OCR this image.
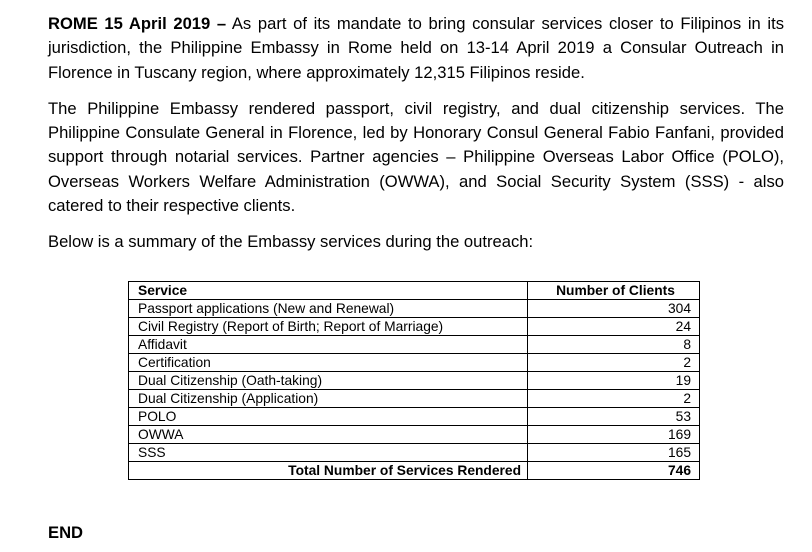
ROME 15 April 2019 – As part of its mandate to bring consular services closer to Filipinos in its jurisdiction, the Philippine Embassy in Rome held on 13-14 April 2019 a Consular Outreach in Florence in Tuscany region, where approximately 12,315 Filipinos reside.

The Philippine Embassy rendered passport, civil registry, and dual citizenship services. The Philippine Consulate General in Florence, led by Honorary Consul General Fabio Fanfani, provided support through notarial services. Partner agencies – Philippine Overseas Labor Office (POLO), Overseas Workers Welfare Administration (OWWA), and Social Security System (SSS) - also catered to their respective clients.

Below is a summary of the Embassy services during the outreach:

Service	Number of Clients
Passport applications (New and Renewal)	304
Civil Registry (Report of Birth; Report of Marriage)	24
Affidavit	8
Certification	2
Dual Citizenship (Oath-taking)	19
Dual Citizenship (Application)	2
POLO	53
OWWA	169
SSS	165
Total Number of Services Rendered	746
END
